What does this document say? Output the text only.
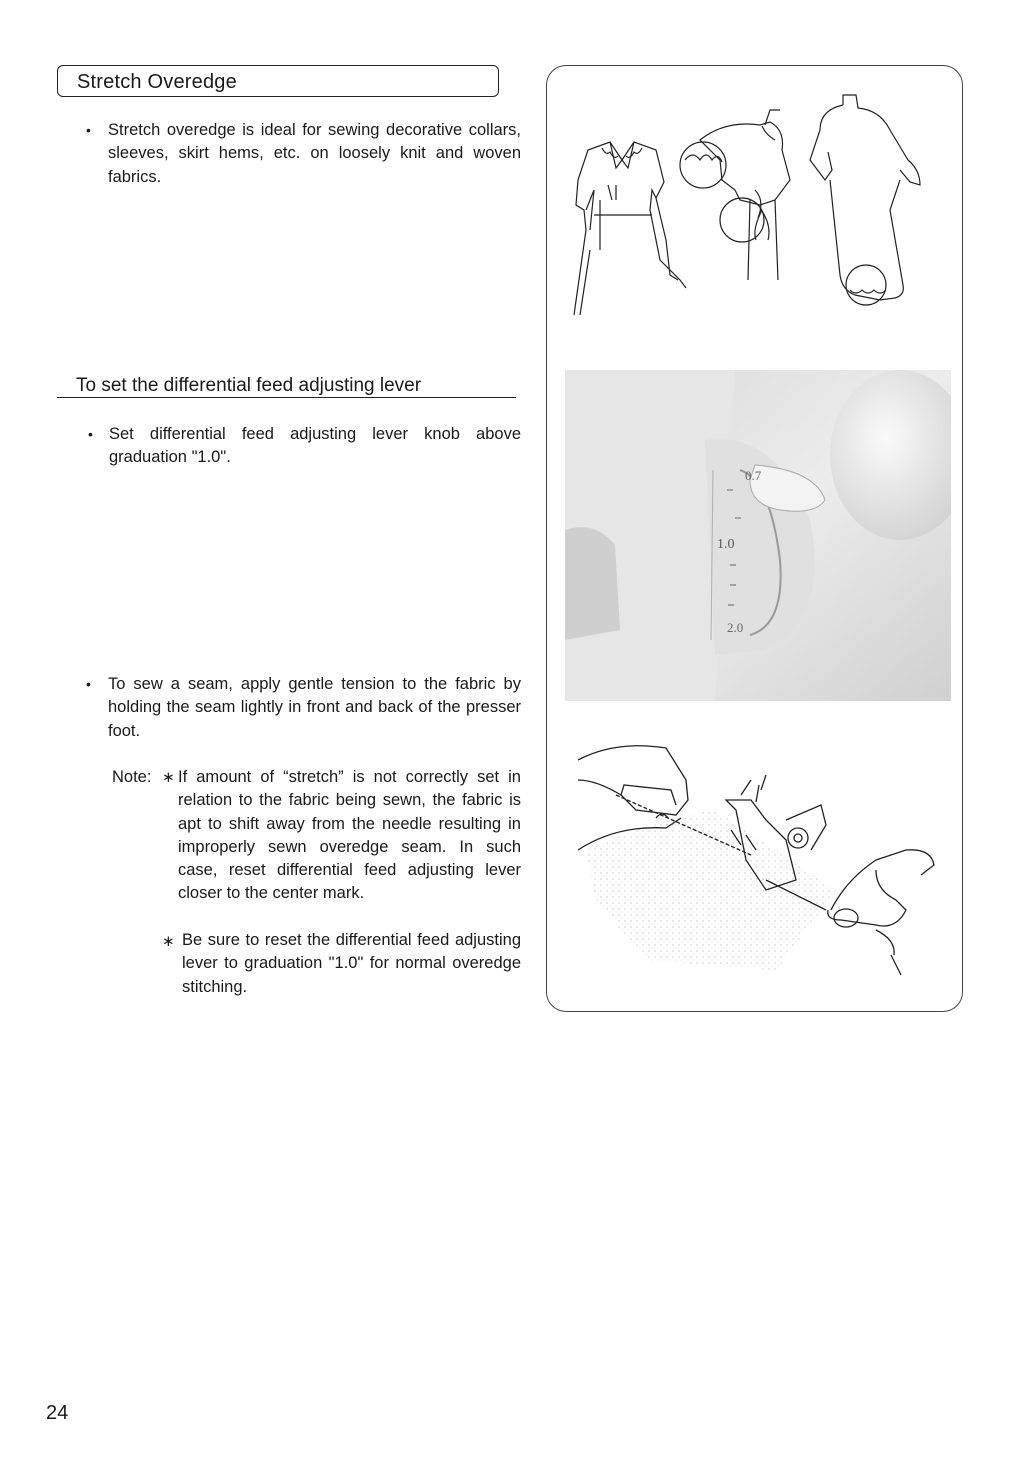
Stretch Overedge
• Stretch overedge is ideal for sewing decorative collars, sleeves, skirt hems, etc. on loosely knit and woven fabrics.
To set the differential feed adjusting lever
• Set differential feed adjusting lever knob above graduation "1.0".
• To sew a seam, apply gentle tension to the fabric by holding the seam lightly in front and back of the presser foot.
Note: ∗ If amount of “stretch” is not correctly set in relation to the fabric being sewn, the fabric is apt to shift away from the needle resulting in improperly sewn overedge seam. In such case, reset differential feed adjusting lever closer to the center mark.
∗ Be sure to reset the differential feed adjusting lever to graduation "1.0" for normal overedge stitching.
0.7
1.0
2.0
24
